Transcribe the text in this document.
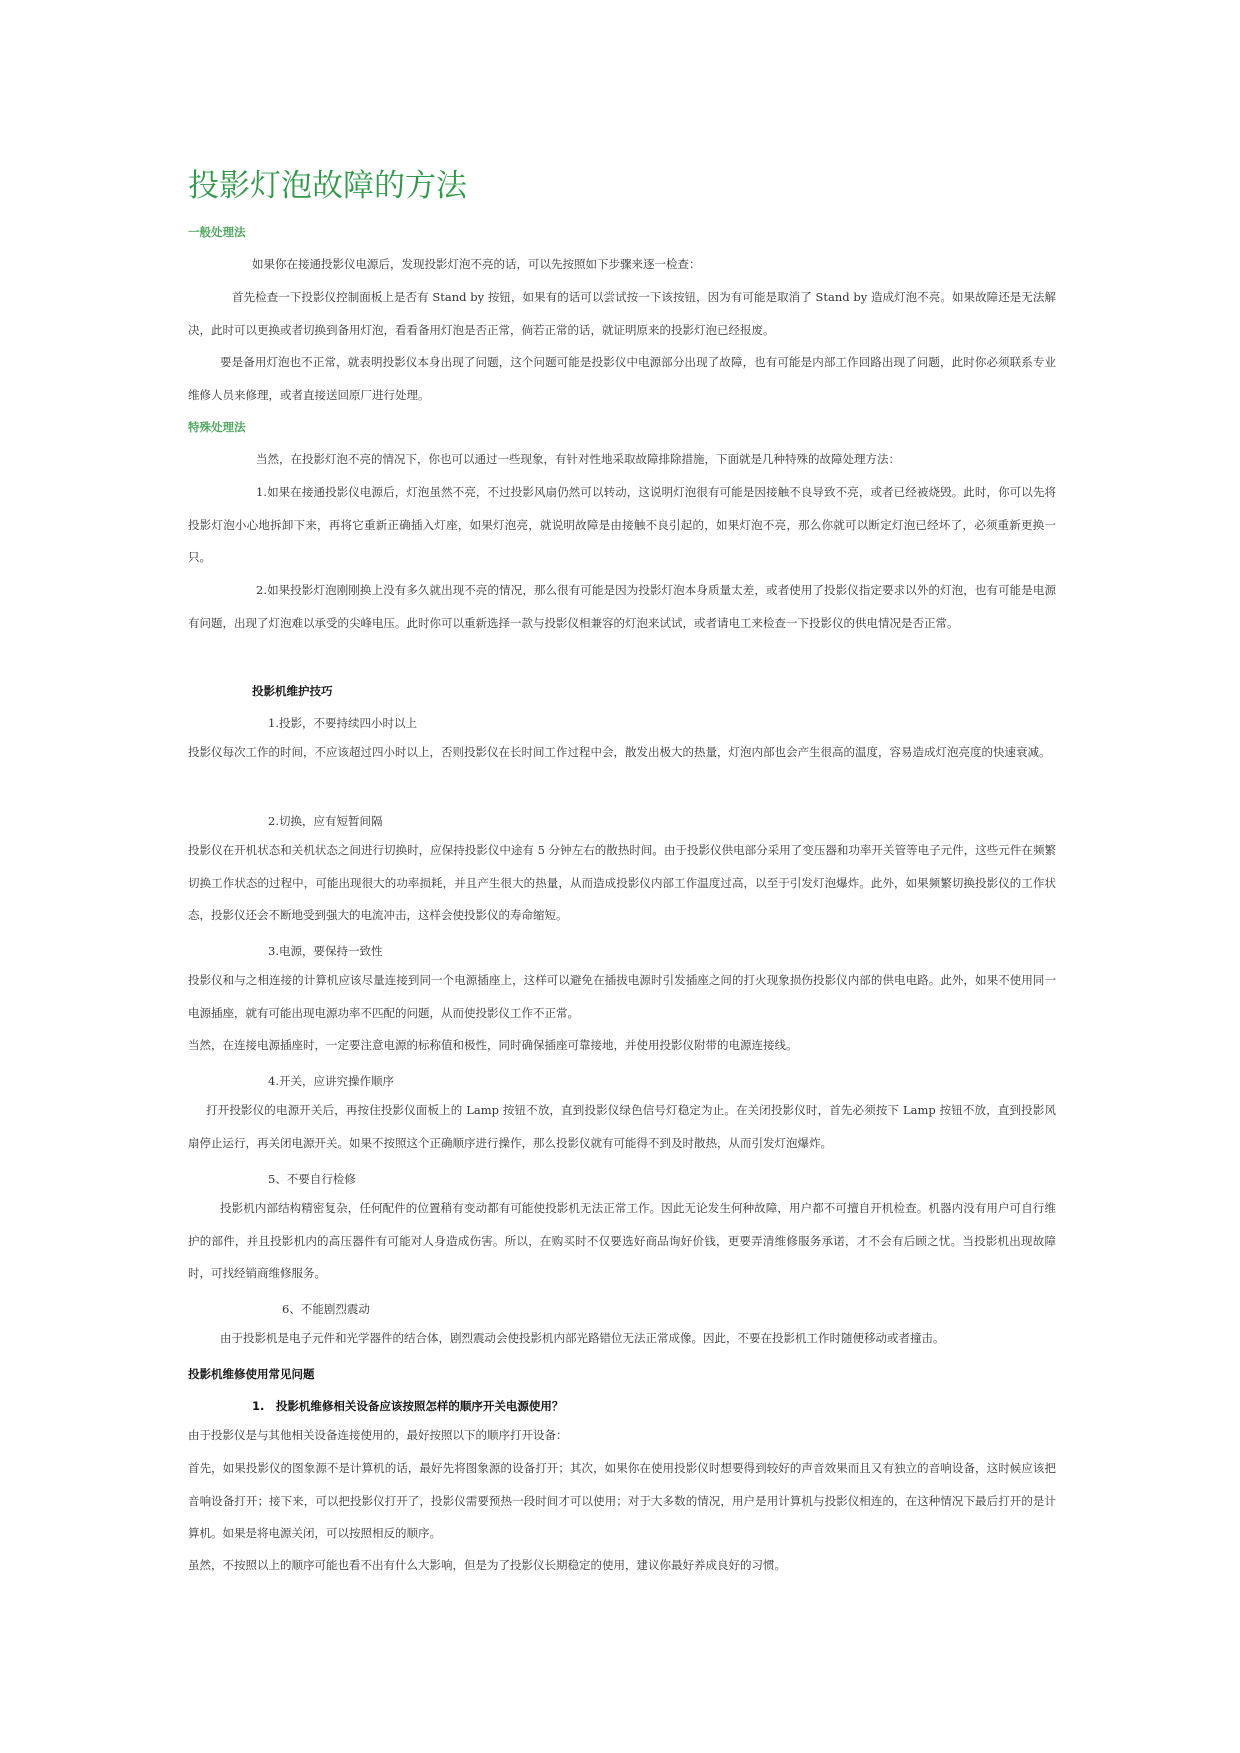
投影灯泡故障的方法
一般处理法

如果你在接通投影仪电源后，发现投影灯泡不亮的话，可以先按照如下步骤来逐一检查：

首先检查一下投影仪控制面板上是否有 Stand by 按钮，如果有的话可以尝试按一下该按钮，因为有可能是取消了 Stand by 造成灯泡不亮。如果故障还是无法解决，此时可以更换或者切换到备用灯泡，看看备用灯泡是否正常，倘若正常的话，就证明原来的投影灯泡已经报废。

要是备用灯泡也不正常，就表明投影仪本身出现了问题，这个问题可能是投影仪中电源部分出现了故障，也有可能是内部工作回路出现了问题，此时你必须联系专业维修人员来修理，或者直接送回原厂进行处理。

特殊处理法

当然，在投影灯泡不亮的情况下，你也可以通过一些现象，有针对性地采取故障排除措施，下面就是几种特殊的故障处理方法：

1.如果在接通投影仪电源后，灯泡虽然不亮，不过投影风扇仍然可以转动，这说明灯泡很有可能是因接触不良导致不亮，或者已经被烧毁。此时，你可以先将投影灯泡小心地拆卸下来，再将它重新正确插入灯座，如果灯泡亮，就说明故障是由接触不良引起的，如果灯泡不亮，那么你就可以断定灯泡已经坏了，必须重新更换一只。

2.如果投影灯泡刚刚换上没有多久就出现不亮的情况，那么很有可能是因为投影灯泡本身质量太差，或者使用了投影仪指定要求以外的灯泡，也有可能是电源有问题，出现了灯泡难以承受的尖峰电压。此时你可以重新选择一款与投影仪相兼容的灯泡来试试，或者请电工来检查一下投影仪的供电情况是否正常。

投影机维护技巧
1.投影，不要持续四小时以上

投影仪每次工作的时间，不应该超过四小时以上，否则投影仪在长时间工作过程中会，散发出极大的热量，灯泡内部也会产生很高的温度，容易造成灯泡亮度的快速衰减。

2.切换，应有短暂间隔

投影仪在开机状态和关机状态之间进行切换时，应保持投影仪中途有 5 分钟左右的散热时间。由于投影仪供电部分采用了变压器和功率开关管等电子元件，这些元件在频繁切换工作状态的过程中，可能出现很大的功率损耗，并且产生很大的热量，从而造成投影仪内部工作温度过高，以至于引发灯泡爆炸。此外，如果频繁切换投影仪的工作状态，投影仪还会不断地受到强大的电流冲击，这样会使投影仪的寿命缩短。

3.电源，要保持一致性

投影仪和与之相连接的计算机应该尽量连接到同一个电源插座上，这样可以避免在插拔电源时引发插座之间的打火现象损伤投影仪内部的供电电路。此外，如果不使用同一电源插座，就有可能出现电源功率不匹配的问题，从而使投影仪工作不正常。

当然，在连接电源插座时，一定要注意电源的标称值和极性，同时确保插座可靠接地，并使用投影仪附带的电源连接线。

4.开关，应讲究操作顺序

打开投影仪的电源开关后，再按住投影仪面板上的 Lamp 按钮不放，直到投影仪绿色信号灯稳定为止。在关闭投影仪时，首先必须按下 Lamp 按钮不放，直到投影风扇停止运行，再关闭电源开关。如果不按照这个正确顺序进行操作，那么投影仪就有可能得不到及时散热，从而引发灯泡爆炸。

5、不要自行检修

投影机内部结构精密复杂，任何配件的位置稍有变动都有可能使投影机无法正常工作。因此无论发生何种故障，用户都不可擅自开机检查。机器内没有用户可自行维护的部件，并且投影机内的高压器件有可能对人身造成伤害。所以，在购买时不仅要选好商品询好价钱，更要弄清维修服务承诺，才不会有后顾之忧。当投影机出现故障时，可找经销商维修服务。

6、不能剧烈震动

由于投影机是电子元件和光学器件的结合体，剧烈震动会使投影机内部光路错位无法正常成像。因此，不要在投影机工作时随便移动或者撞击。

投影机维修使用常见问题
1.　投影机维修相关设备应该按照怎样的顺序开关电源使用？

由于投影仪是与其他相关设备连接使用的，最好按照以下的顺序打开设备：

首先，如果投影仪的图象源不是计算机的话，最好先将图象源的设备打开；其次，如果你在使用投影仪时想要得到较好的声音效果而且又有独立的音响设备，这时候应该把音响设备打开；接下来，可以把投影仪打开了，投影仪需要预热一段时间才可以使用；对于大多数的情况，用户是用计算机与投影仪相连的，在这种情况下最后打开的是计算机。如果是将电源关闭，可以按照相反的顺序。

虽然，不按照以上的顺序可能也看不出有什么大影响，但是为了投影仪长期稳定的使用，建议你最好养成良好的习惯。
